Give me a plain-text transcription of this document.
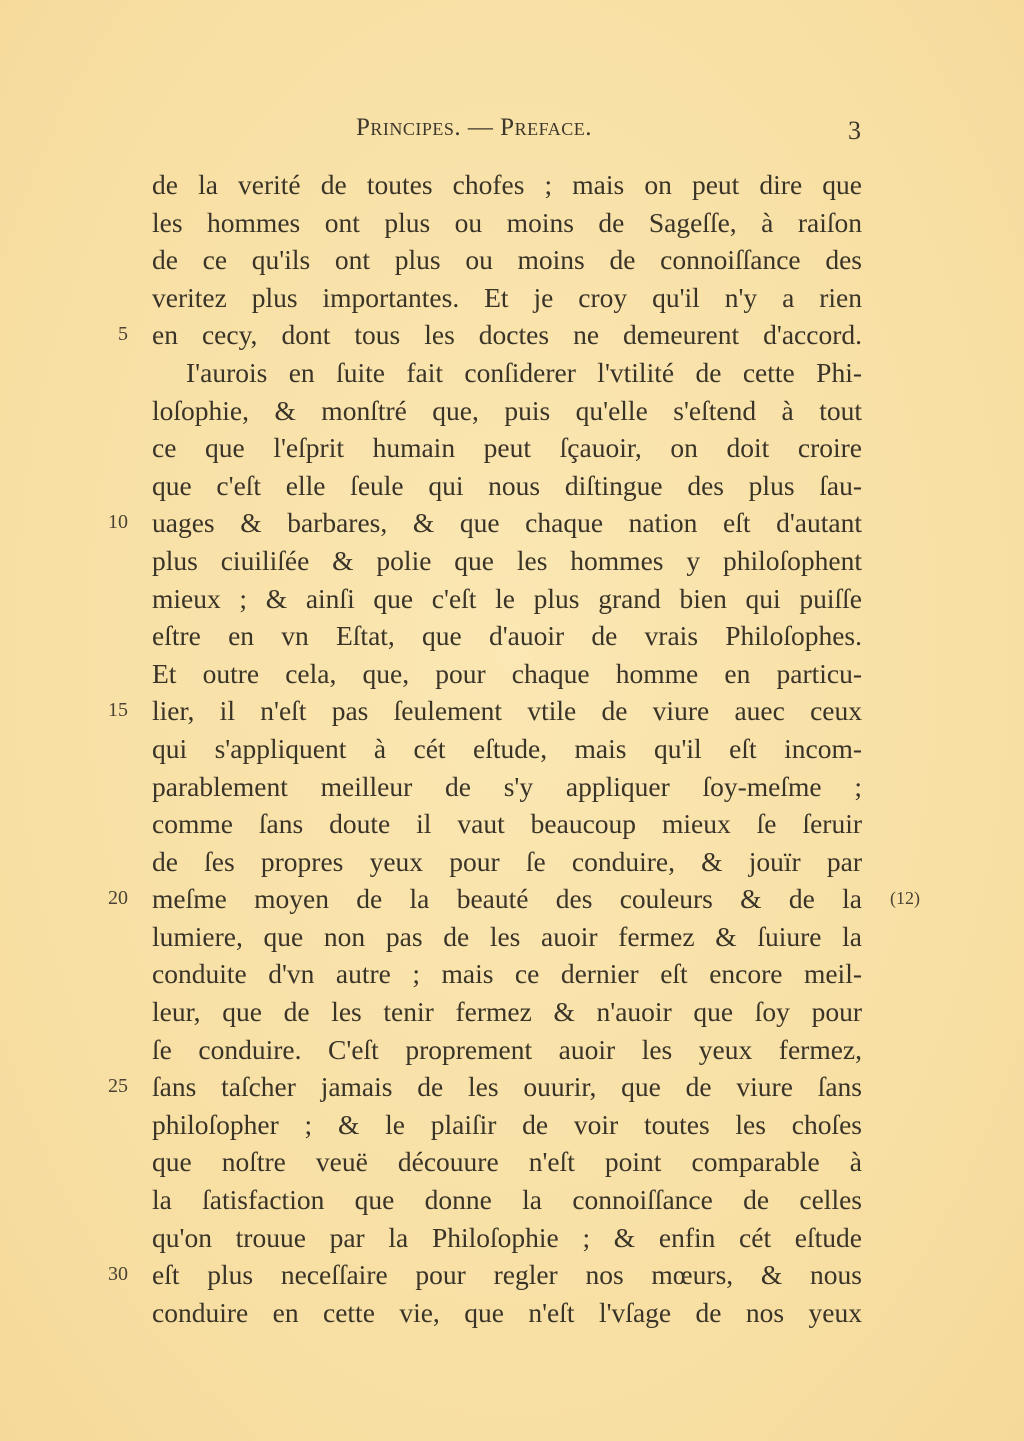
Principes. — Preface.	3
de la verité de toutes chofes ; mais on peut dire que
les hommes ont plus ou moins de Sageſſe, à raiſon
de ce qu'ils ont plus ou moins de connoiſſance des
veritez plus importantes. Et je croy qu'il n'y a rien
en cecy, dont tous les doctes ne demeurent d'accord.
5
I'aurois en ſuite fait conſiderer l'vtilité de cette Phi-
loſophie, & monſtré que, puis qu'elle s'eſtend à tout
ce que l'eſprit humain peut ſçauoir, on doit croire
que c'eſt elle ſeule qui nous diſtingue des plus ſau-
uages & barbares, & que chaque nation eſt d'autant
10
plus ciuiliſée & polie que les hommes y philoſophent
mieux ; & ainſi que c'eſt le plus grand bien qui puiſſe
eſtre en vn Eſtat, que d'auoir de vrais Philoſophes.
Et outre cela, que, pour chaque homme en particu-
lier, il n'eſt pas ſeulement vtile de viure auec ceux
15
qui s'appliquent à cét eſtude, mais qu'il eſt incom-
parablement meilleur de s'y appliquer ſoy-meſme ;
comme ſans doute il vaut beaucoup mieux ſe ſeruir
de ſes propres yeux pour ſe conduire, & jouïr par
meſme moyen de la beauté des couleurs & de la
20
lumiere, que non pas de les auoir fermez & ſuiure la
conduite d'vn autre ; mais ce dernier eſt encore meil-
leur, que de les tenir fermez & n'auoir que ſoy pour
ſe conduire. C'eſt proprement auoir les yeux fermez,
ſans taſcher jamais de les ouurir, que de viure ſans
25
philoſopher ; & le plaiſir de voir toutes les choſes
que noſtre veuë découure n'eſt point comparable à
la ſatisfaction que donne la connoiſſance de celles
qu'on trouue par la Philoſophie ; & enfin cét eſtude
eſt plus neceſſaire pour regler nos mœurs, & nous
30
conduire en cette vie, que n'eſt l'vſage de nos yeux
(12)
